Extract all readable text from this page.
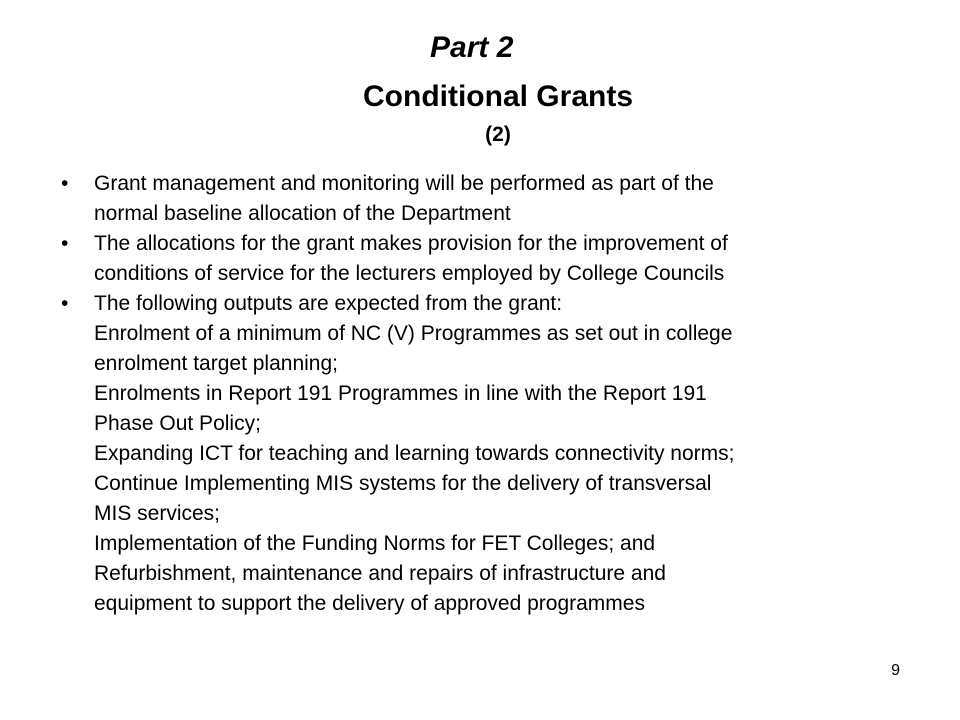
Part 2
Conditional Grants
(2)
• Grant management and monitoring will be performed as part of the
normal baseline allocation of the Department
• The allocations for the grant makes provision for the improvement of
conditions of service for the lecturers employed by College Councils
• The following outputs are expected from the grant:
Enrolment of a minimum of NC (V) Programmes as set out in college
enrolment target planning;
Enrolments in Report 191 Programmes in line with the Report 191
Phase Out Policy;
Expanding ICT for teaching and learning towards connectivity norms;
Continue Implementing MIS systems for the delivery of transversal
MIS services;
Implementation of the Funding Norms for FET Colleges; and
Refurbishment, maintenance and repairs of infrastructure and
equipment to support the delivery of approved programmes
9
